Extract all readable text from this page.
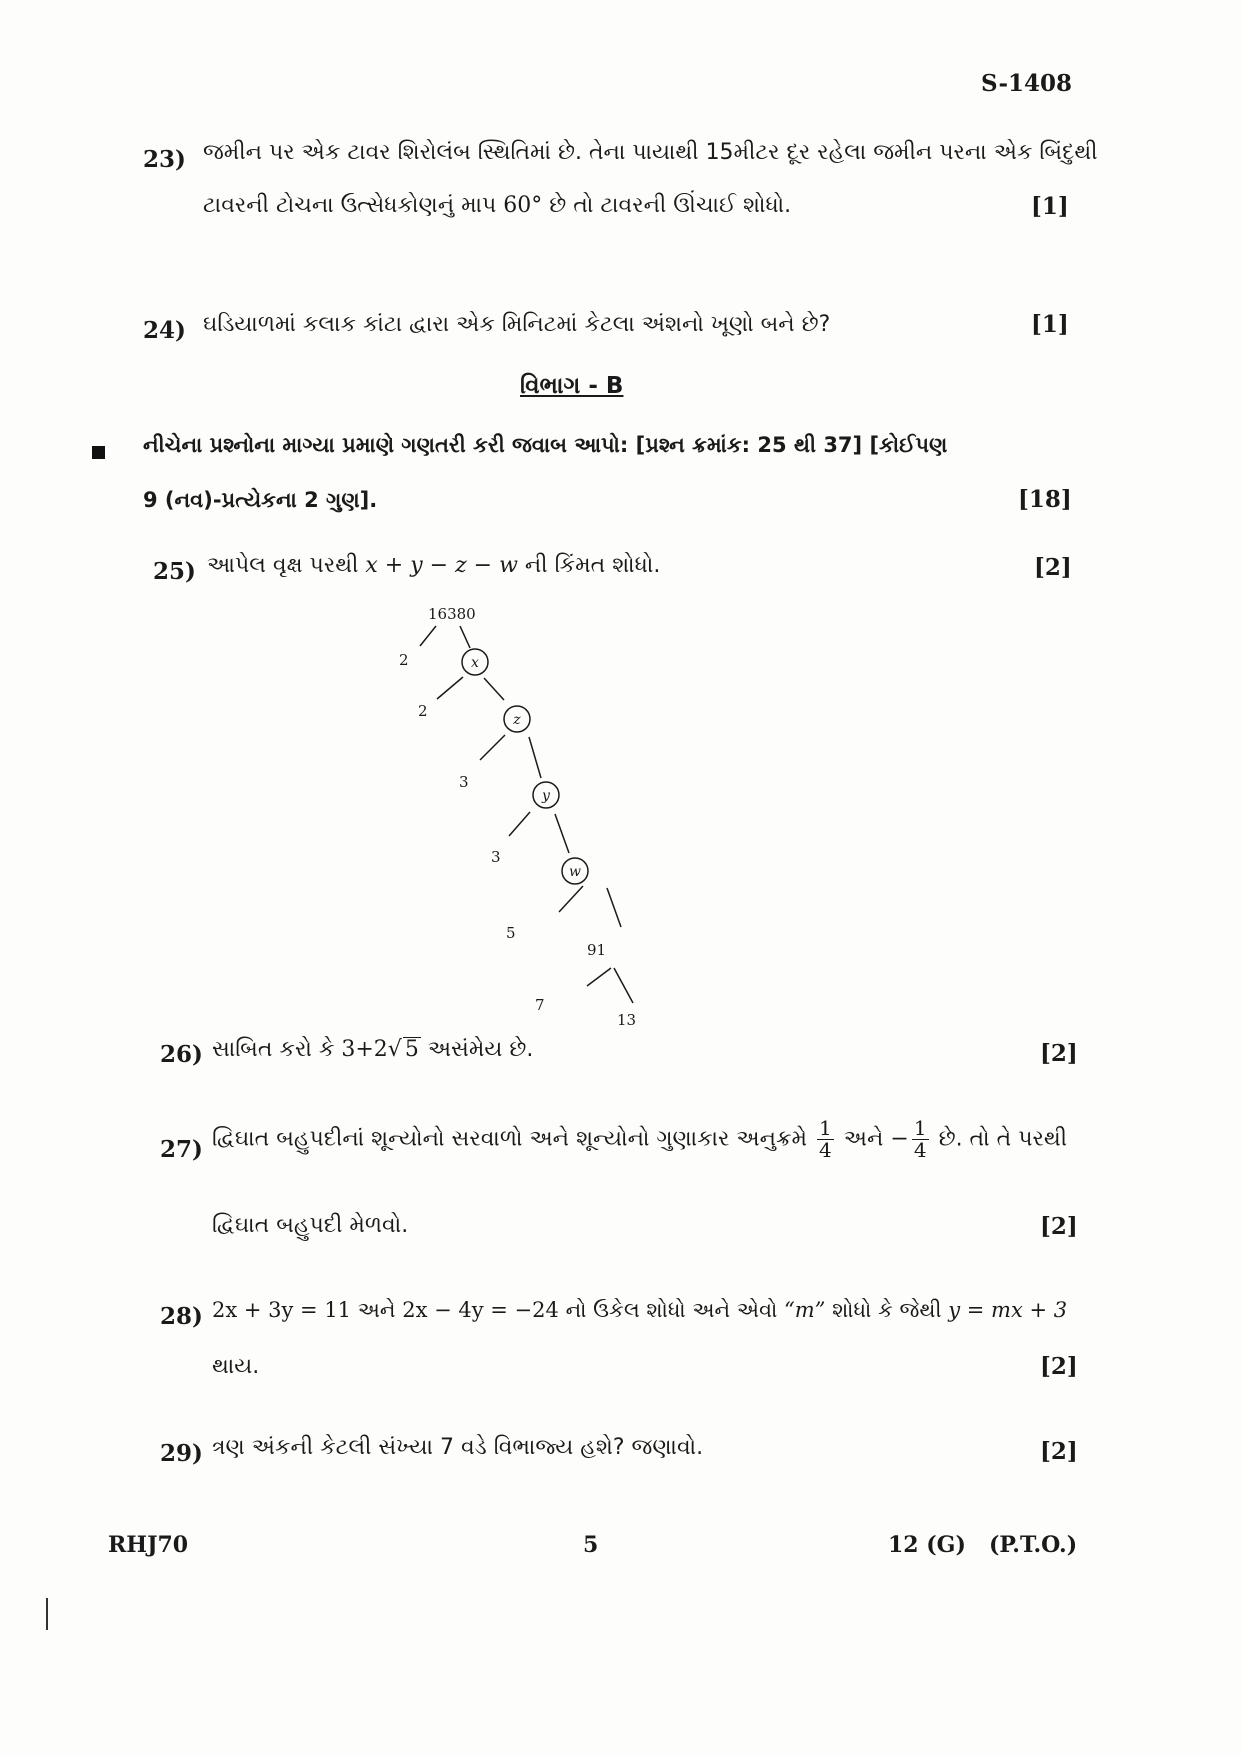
S-1408
23) જમીન પર એક ટાવર શિરોલંબ સ્થિતિમાં છે. તેના પાયાથી 15મીટર દૂર રહેલા જમીન પરના એક બિંદુથી
ટાવરની ટોચના ઉત્સેધકોણનું માપ 60° છે તો ટાવરની ઊંચાઈ શોધો.	[1]
24) ઘડિયાળમાં કલાક કાંટા દ્વારા એક મિનિટમાં કેટલા અંશનો ખૂણો બને છે?	[1]
વિભાગ - B
નીચેના પ્રશ્નોના માગ્યા પ્રમાણે ગણતરી કરી જવાબ આપો: [પ્રશ્ન ક્રમાંક: 25 થી 37] [કોઈપણ
9 (નવ)-પ્રત્યેકના 2 ગુણ].	[18]
25) આપેલ વૃક્ષ પરથી x + y − z − w ની કિંમત શોધો.	[2]
16380
2
2
3
3
5
91
7
13
x
z
y
w
26) સાબિત કરો કે 3+2√ 5 અસંમેય છે.	[2]
27) દ્વિઘાત બહુપદીનાં શૂન્યોનો સરવાળો અને શૂન્યોનો ગુણાકાર અનુક્રમે $\frac{1}{4}$ અને − $\frac{1}{4}$ છે. તો તે પરથી
દ્વિઘાત બહુપદી મેળવો.	[2]
28) 2x + 3y = 11 અને 2x − 4y = −24 નો ઉકેલ શોધો અને એવો “m” શોધો કે જેથી y = mx + 3
થાય.	[2]
29) ત્રણ અંકની કેટલી સંખ્યા 7 વડે વિભાજ્ય હશે? જણાવો.	[2]
RHJ70	5	12 (G) (P.T.O.)
